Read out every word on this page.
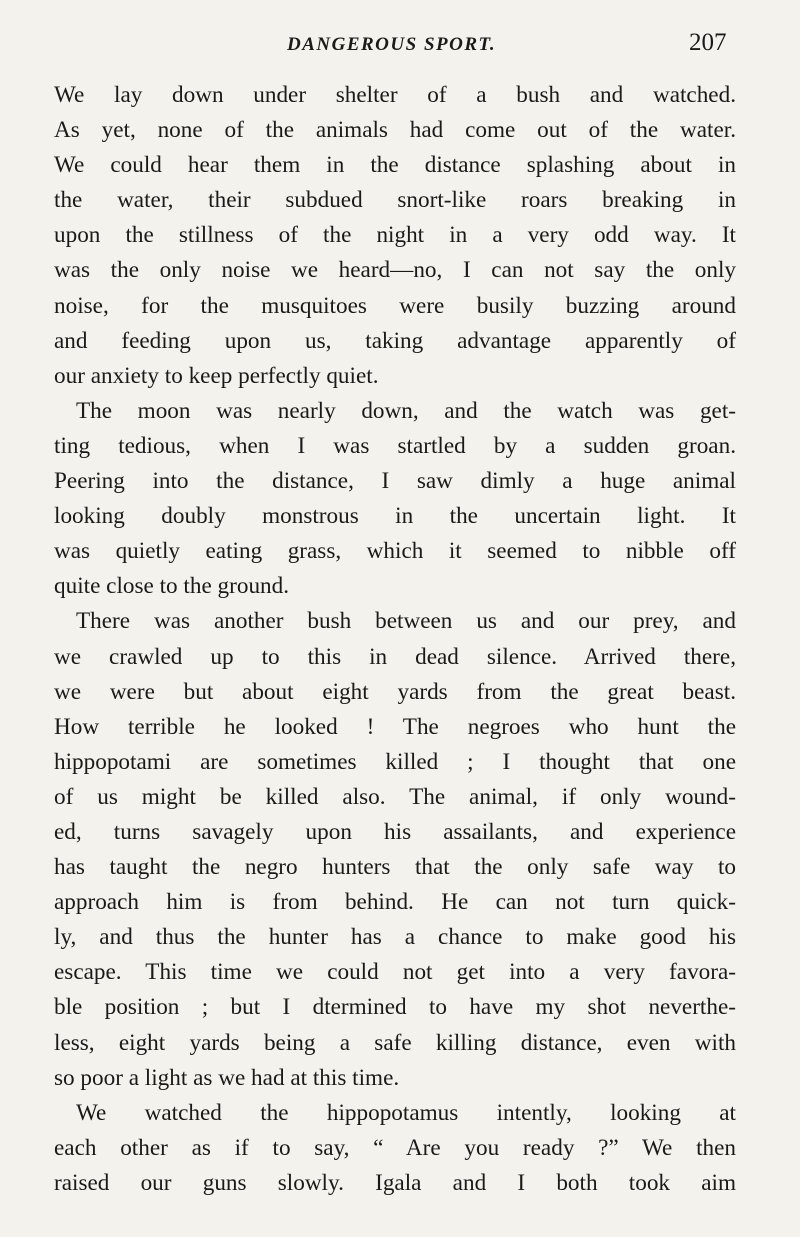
DANGEROUS SPORT.	207
We lay down under shelter of a bush and watched.
As yet, none of the animals had come out of the water.
We could hear them in the distance splashing about in
the water, their subdued snort-like roars breaking in
upon the stillness of the night in a very odd way. It
was the only noise we heard—no, I can not say the only
noise, for the musquitoes were busily buzzing around
and feeding upon us, taking advantage apparently of
our anxiety to keep perfectly quiet.
The moon was nearly down, and the watch was get-
ting tedious, when I was startled by a sudden groan.
Peering into the distance, I saw dimly a huge animal
looking doubly monstrous in the uncertain light. It
was quietly eating grass, which it seemed to nibble off
quite close to the ground.
There was another bush between us and our prey, and
we crawled up to this in dead silence. Arrived there,
we were but about eight yards from the great beast.
How terrible he looked ! The negroes who hunt the
hippopotami are sometimes killed ; I thought that one
of us might be killed also. The animal, if only wound-
ed, turns savagely upon his assailants, and experience
has taught the negro hunters that the only safe way to
approach him is from behind. He can not turn quick-
ly, and thus the hunter has a chance to make good his
escape. This time we could not get into a very favora-
ble position ; but I dtermined to have my shot neverthe-
less, eight yards being a safe killing distance, even with
so poor a light as we had at this time.
We watched the hippopotamus intently, looking at
each other as if to say, “ Are you ready ?” We then
raised our guns slowly. Igala and I both took aim
